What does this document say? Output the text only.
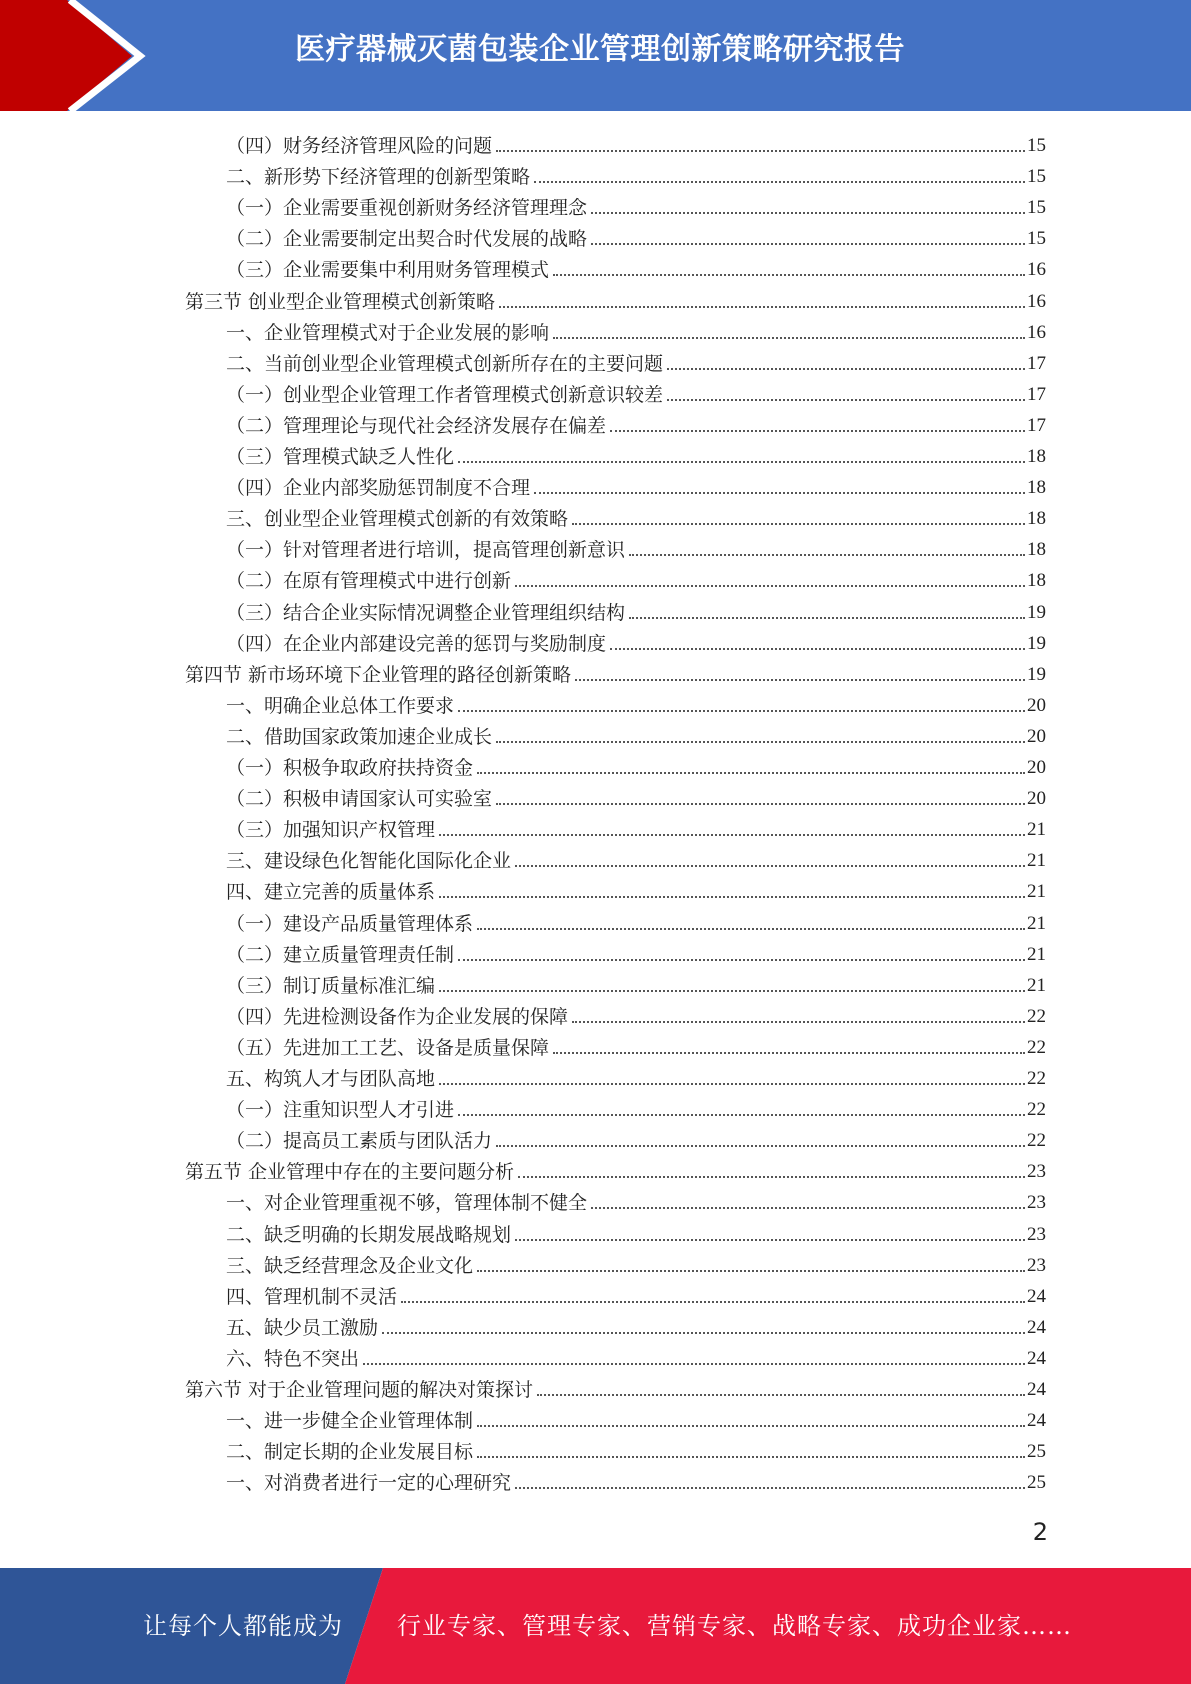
医疗器械灭菌包装企业管理创新策略研究报告
（四）财务经济管理风险的问题	15
二、新形势下经济管理的创新型策略	15
（一）企业需要重视创新财务经济管理理念	15
（二）企业需要制定出契合时代发展的战略	15
（三）企业需要集中利用财务管理模式	16
第三节 创业型企业管理模式创新策略	16
一、企业管理模式对于企业发展的影响	16
二、当前创业型企业管理模式创新所存在的主要问题	17
（一）创业型企业管理工作者管理模式创新意识较差	17
（二）管理理论与现代社会经济发展存在偏差	17
（三）管理模式缺乏人性化	18
（四）企业内部奖励惩罚制度不合理	18
三、创业型企业管理模式创新的有效策略	18
（一）针对管理者进行培训，提高管理创新意识	18
（二）在原有管理模式中进行创新	18
（三）结合企业实际情况调整企业管理组织结构	19
（四）在企业内部建设完善的惩罚与奖励制度	19
第四节 新市场环境下企业管理的路径创新策略	19
一、明确企业总体工作要求	20
二、借助国家政策加速企业成长	20
（一）积极争取政府扶持资金	20
（二）积极申请国家认可实验室	20
（三）加强知识产权管理	21
三、建设绿色化智能化国际化企业	21
四、建立完善的质量体系	21
（一）建设产品质量管理体系	21
（二）建立质量管理责任制	21
（三）制订质量标准汇编	21
（四）先进检测设备作为企业发展的保障	22
（五）先进加工工艺、设备是质量保障	22
五、构筑人才与团队高地	22
（一）注重知识型人才引进	22
（二）提高员工素质与团队活力	22
第五节 企业管理中存在的主要问题分析	23
一、对企业管理重视不够，管理体制不健全	23
二、缺乏明确的长期发展战略规划	23
三、缺乏经营理念及企业文化	23
四、管理机制不灵活	24
五、缺少员工激励	24
六、特色不突出	24
第六节 对于企业管理问题的解决对策探讨	24
一、进一步健全企业管理体制	24
二、制定长期的企业发展目标	25
一、对消费者进行一定的心理研究	25
2
让每个人都能成为 行业专家、管理专家、营销专家、战略专家、成功企业家……
